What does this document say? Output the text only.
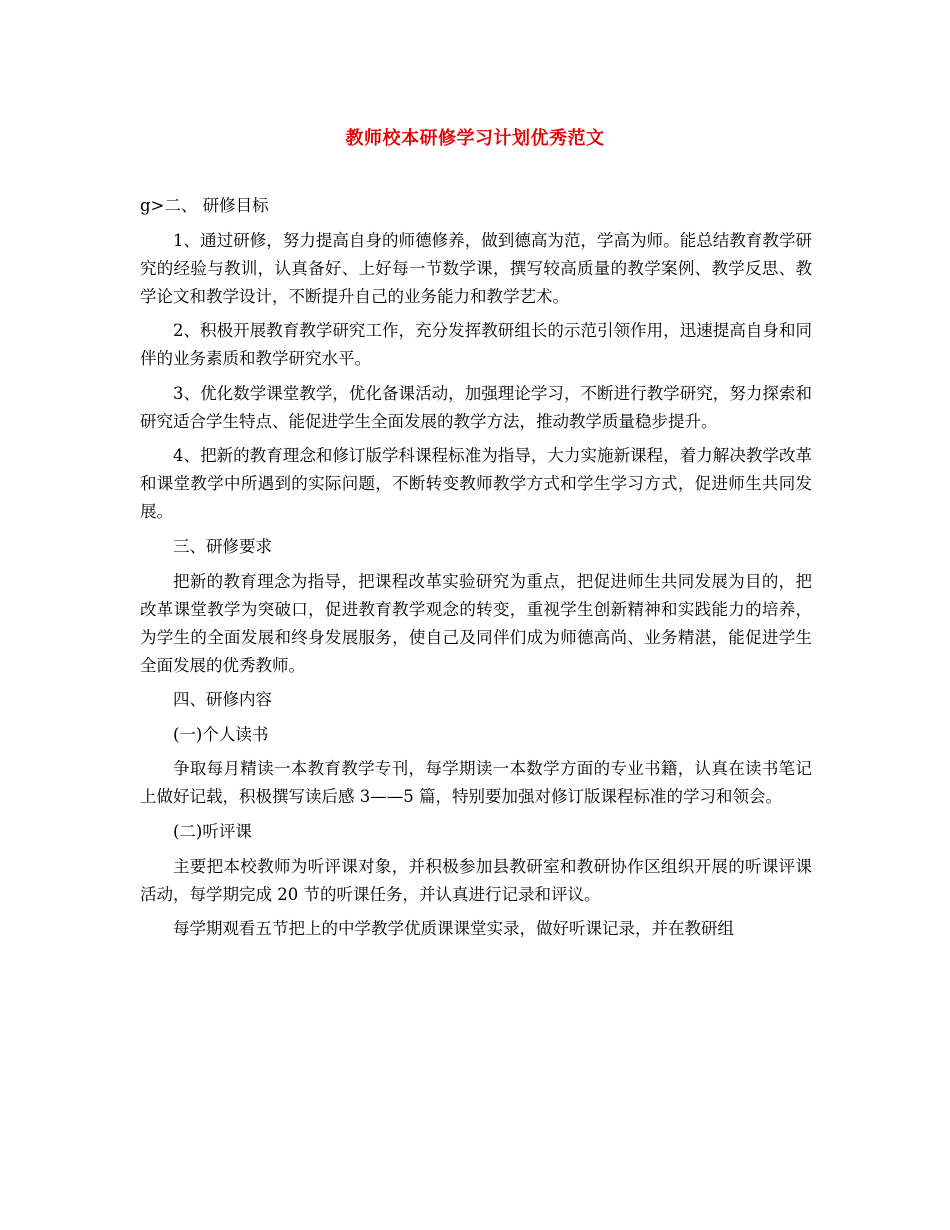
教师校本研修学习计划优秀范文

g>二、 研修目标

1、通过研修，努力提高自身的师德修养，做到德高为范，学高为师。能总结教育教学研究的经验与教训，认真备好、上好每一节数学课，撰写较高质量的教学案例、教学反思、教学论文和教学设计，不断提升自己的业务能力和教学艺术。

2、积极开展教育教学研究工作，充分发挥教研组长的示范引领作用，迅速提高自身和同伴的业务素质和教学研究水平。

3、优化数学课堂教学，优化备课活动，加强理论学习，不断进行教学研究，努力探索和研究适合学生特点、能促进学生全面发展的教学方法，推动教学质量稳步提升。

4、把新的教育理念和修订版学科课程标准为指导，大力实施新课程，着力解决教学改革和课堂教学中所遇到的实际问题，不断转变教师教学方式和学生学习方式，促进师生共同发展。

三、研修要求

把新的教育理念为指导，把课程改革实验研究为重点，把促进师生共同发展为目的，把改革课堂教学为突破口，促进教育教学观念的转变，重视学生创新精神和实践能力的培养，为学生的全面发展和终身发展服务，使自己及同伴们成为师德高尚、业务精湛，能促进学生全面发展的优秀教师。

四、研修内容

(一)个人读书

争取每月精读一本教育教学专刊，每学期读一本数学方面的专业书籍，认真在读书笔记上做好记载，积极撰写读后感 3——5 篇，特别要加强对修订版课程标准的学习和领会。

(二)听评课

主要把本校教师为听评课对象，并积极参加县教研室和教研协作区组织开展的听课评课活动，每学期完成 20 节的听课任务，并认真进行记录和评议。

每学期观看五节把上的中学教学优质课课堂实录，做好听课记录，并在教研组
